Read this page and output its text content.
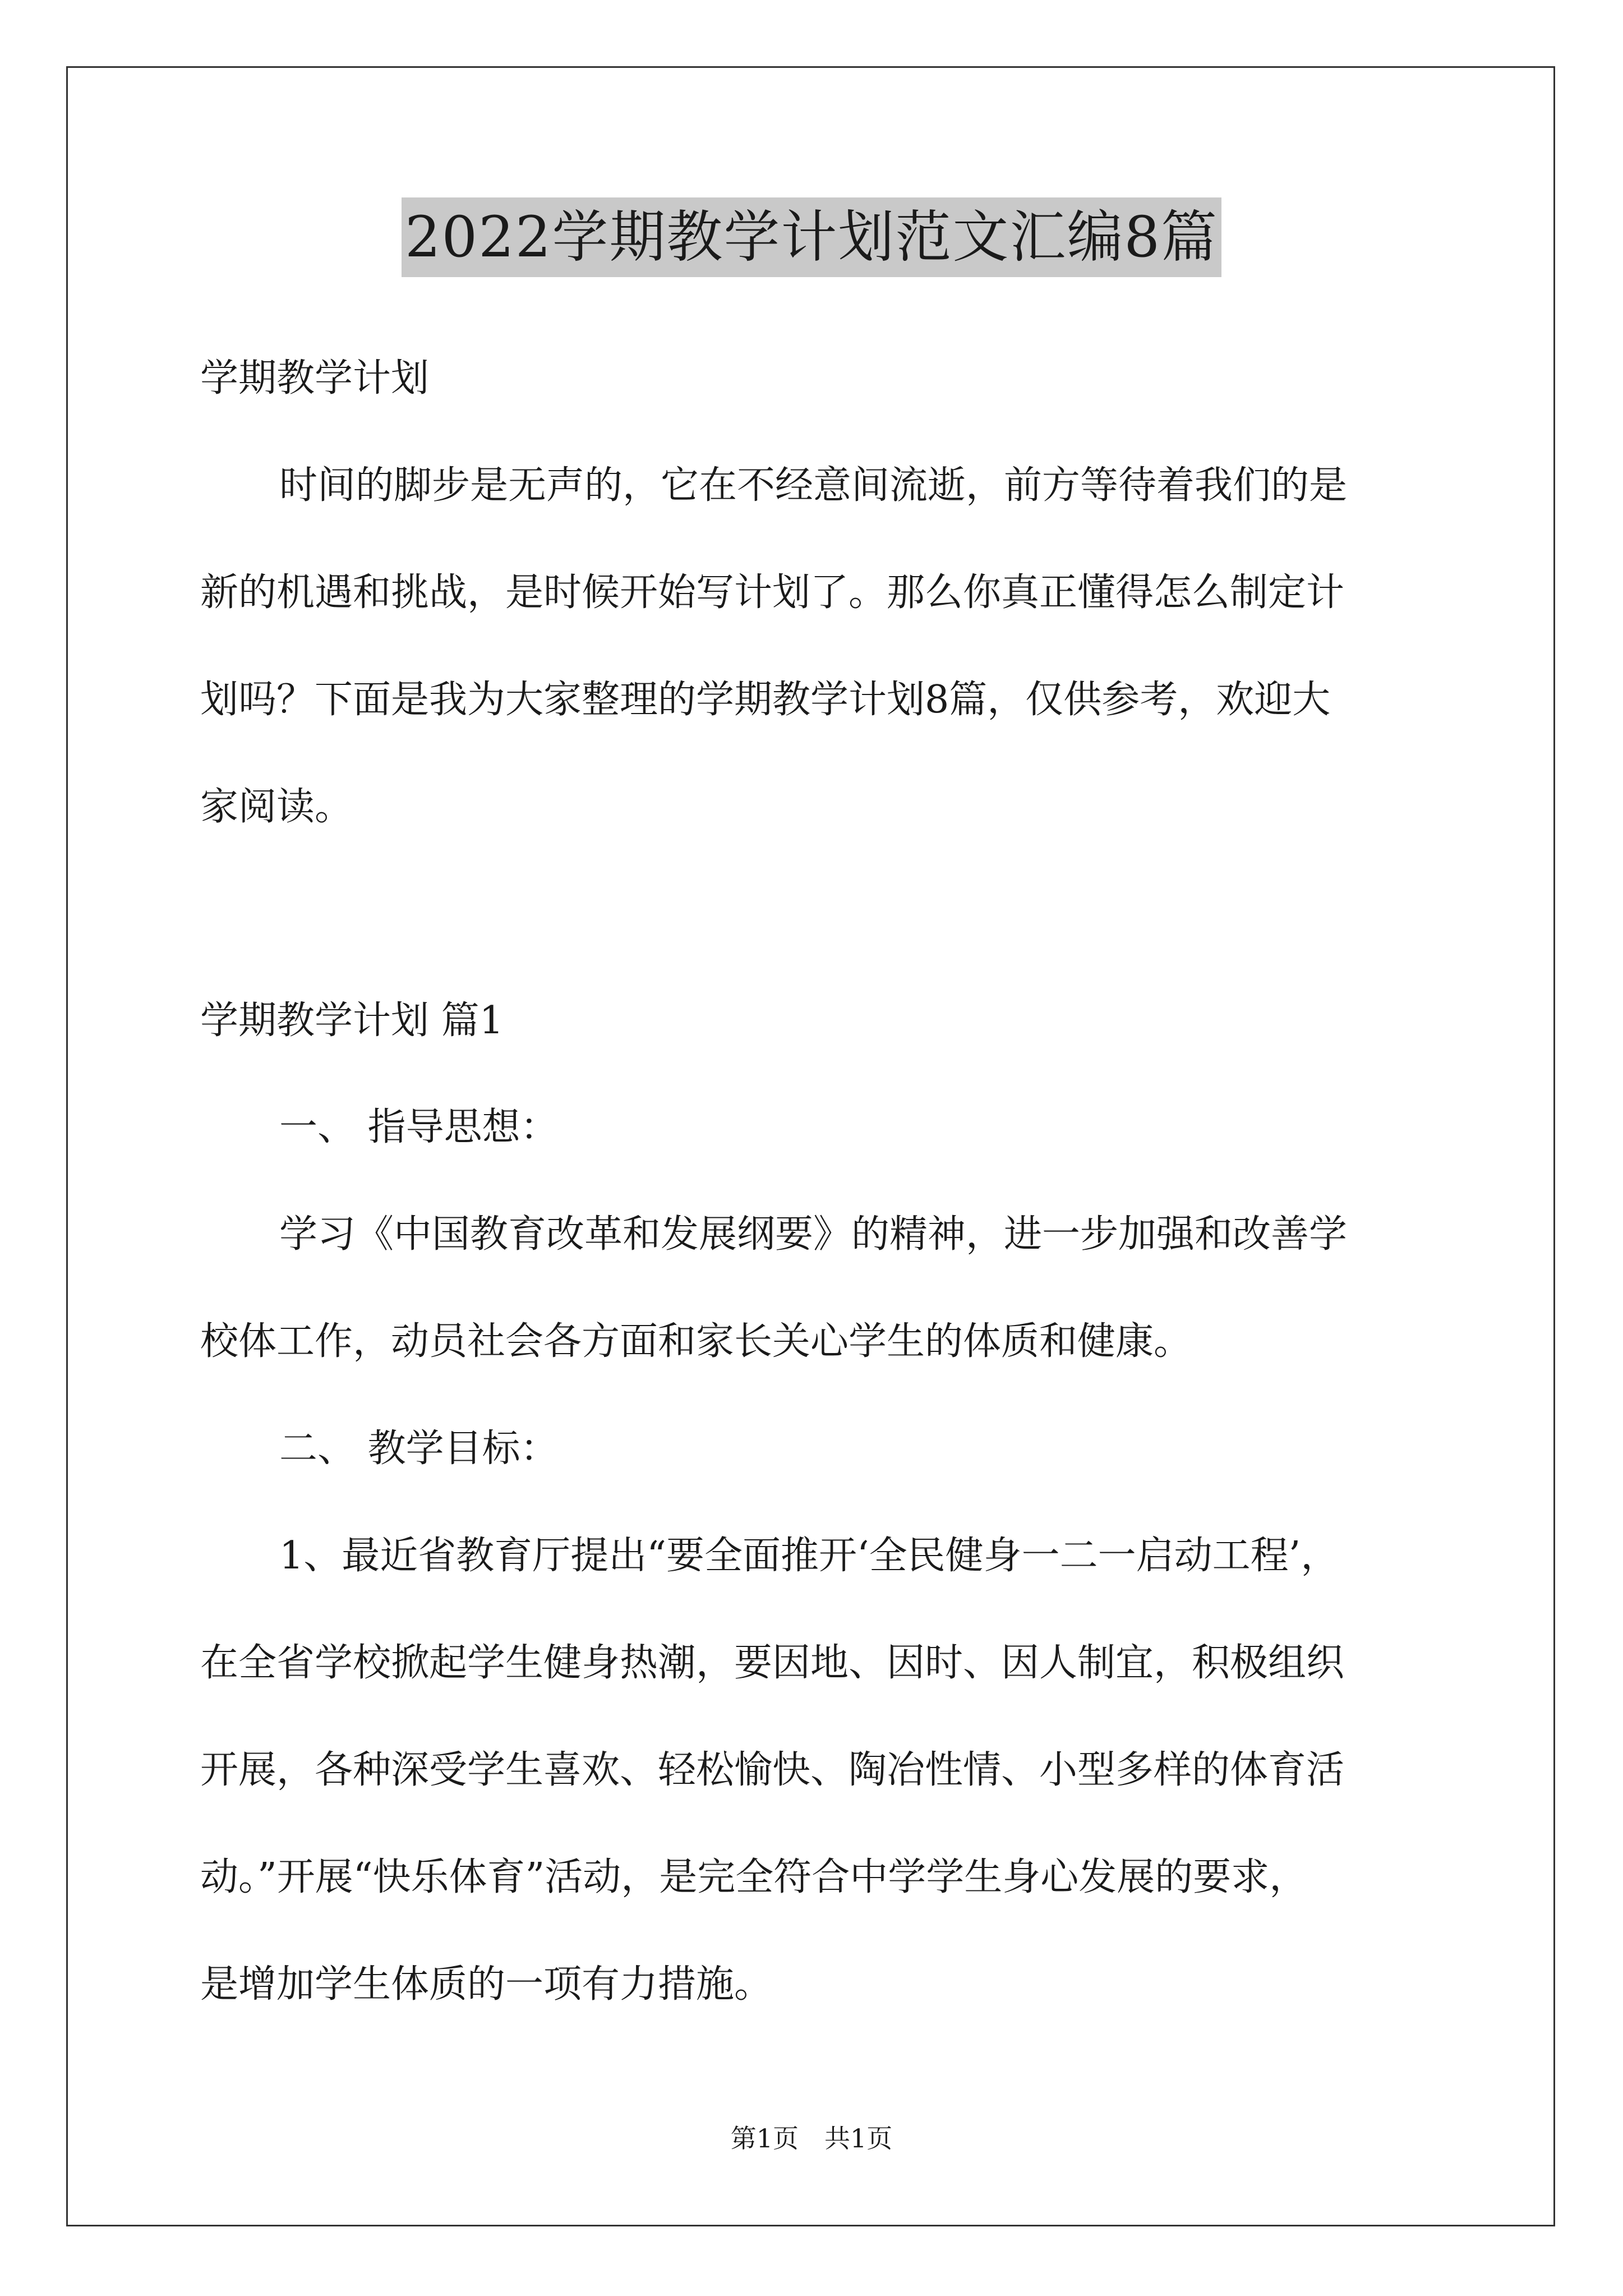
2022学期教学计划范文汇编8篇
学期教学计划
时间的脚步是无声的，它在不经意间流逝，前方等待着我们的是
新的机遇和挑战，是时候开始写计划了。那么你真正懂得怎么制定计
划吗？下面是我为大家整理的学期教学计划8篇，仅供参考，欢迎大
家阅读。
学期教学计划 篇1
一、 指导思想：
学习《中国教育改革和发展纲要》的精神，进一步加强和改善学
校体工作，动员社会各方面和家长关心学生的体质和健康。
二、 教学目标：
1、最近省教育厅提出“要全面推开‘全民健身一二一启动工程’，
在全省学校掀起学生健身热潮，要因地、因时、因人制宜，积极组织
开展，各种深受学生喜欢、轻松愉快、陶冶性情、小型多样的体育活
动。”开展“快乐体育”活动，是完全符合中学学生身心发展的要求，
是增加学生体质的一项有力措施。
第1页　共1页
